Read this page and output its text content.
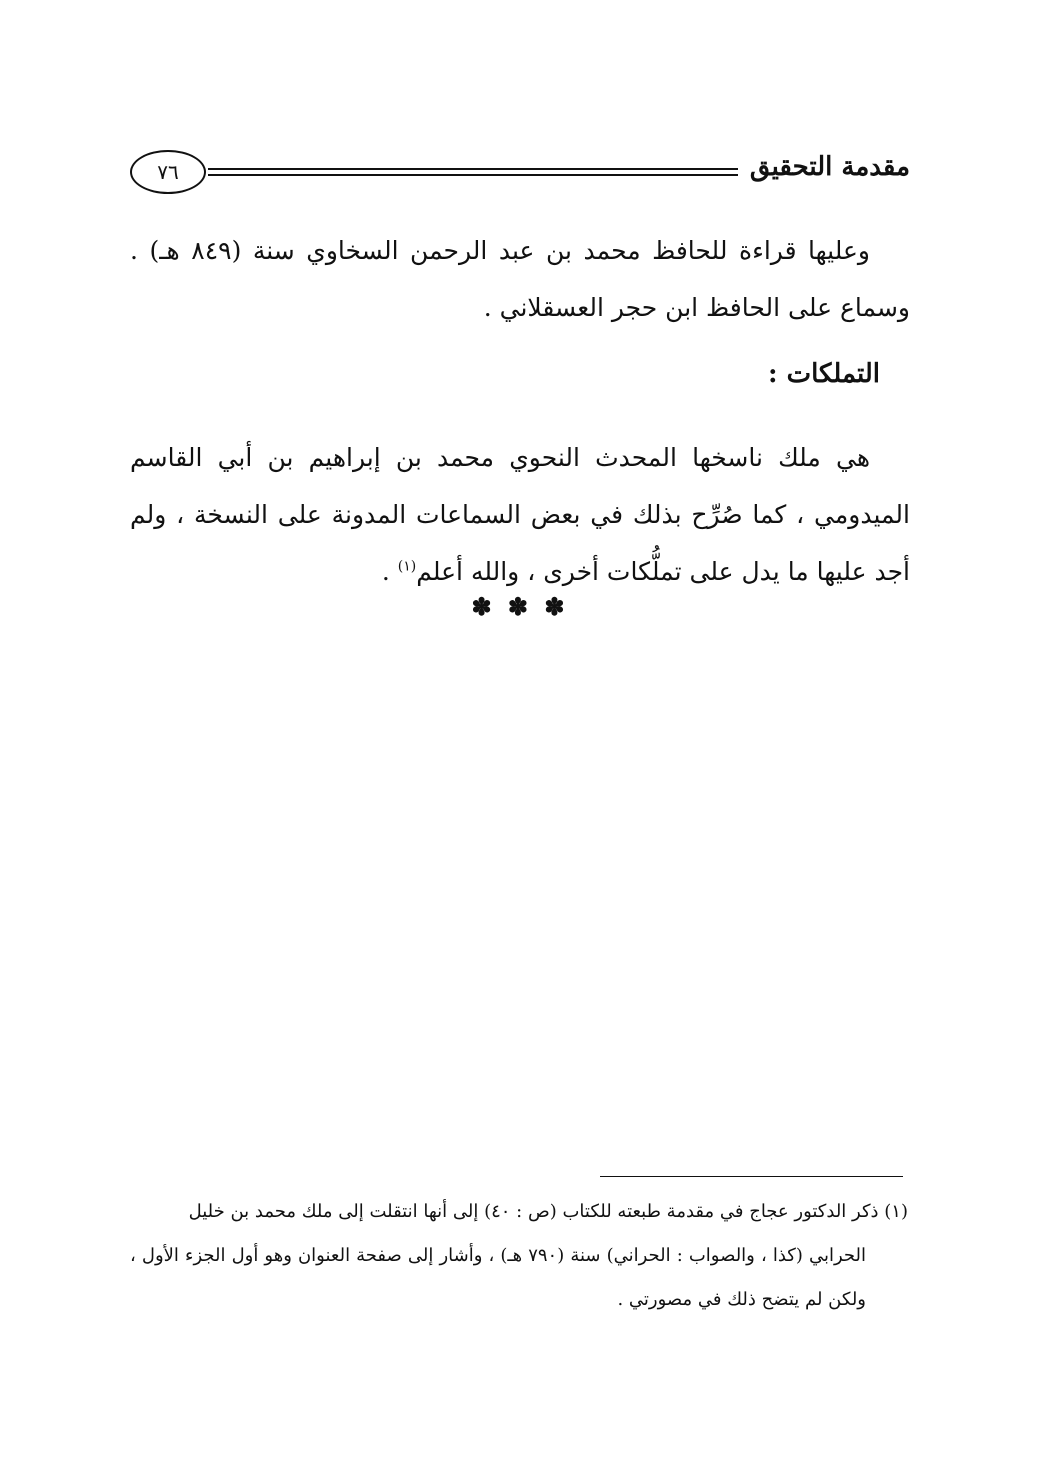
٧٦	مقدمة التحقيق

وعليها قراءة للحافظ محمد بن عبد الرحمن السخاوي سنة (٨٤٩ هـ) . وسماع على الحافظ ابن حجر العسقلاني .

التملكات :

هي ملك ناسخها المحدث النحوي محمد بن إبراهيم بن أبي القاسم الميدومي ، كما صُرِّح بذلك في بعض السماعات المدونة على النسخة ، ولم أجد عليها ما يدل على تملُّكات أخرى ، والله أعلم$^{(١)}$ .

✽ ✽ ✽

(١) ذكر الدكتور عجاج في مقدمة طبعته للكتاب (ص : ٤٠) إلى أنها انتقلت إلى ملك محمد بن خليل

الحرابي (كذا ، والصواب : الحراني) سنة (٧٩٠ هـ) ، وأشار إلى صفحة العنوان وهو أول الجزء الأول ، ولكن لم يتضح ذلك في مصورتي .
